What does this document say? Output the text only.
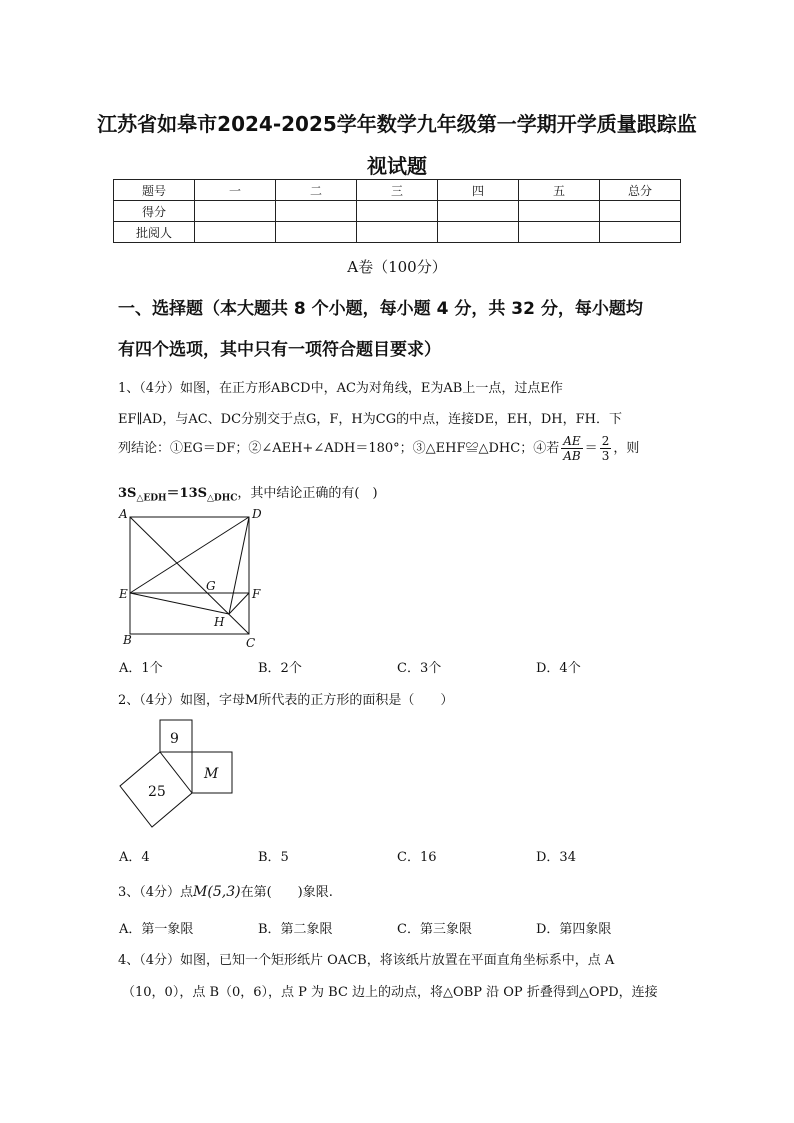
江苏省如皋市2024-2025学年数学九年级第一学期开学质量跟踪监
视试题
题号	一	二	三	四	五	总分
得分						
批阅人						
A卷（100分）
一、选择题（本大题共 8 个小题，每小题 4 分，共 32 分，每小题均
有四个选项，其中只有一项符合题目要求）
1、（4分）如图，在正方形ABCD中，AC为对角线，E为AB上一点，过点E作
EF∥AD，与AC、DC分别交于点G，F，H为CG的中点，连接DE，EH，DH，FH．下
列结论：①EG＝DF；②∠AEH+∠ADH＝180°；③△EHF≌△DHC；④若 $\frac{AE}{AB} = \frac{2}{3}$ ，则
$3S_{\triangle EDH}=13S_{\triangle DHC}$，其中结论正确的有(　)
A	D
E	F
G
H
B	C
A．1个	B．2个	C．3个	D．4个
2、（4分）如图，字母M所代表的正方形的面积是（　　）
9
M
25
A．4	B．5	C．16	D．34
3、（4分）点M(5,3)在第(　　)象限.
A．第一象限	B．第二象限	C．第三象限	D．第四象限
4、（4分）如图，已知一个矩形纸片 OACB，将该纸片放置在平面直角坐标系中，点 A
（10，0），点 B（0，6），点 P 为 BC 边上的动点，将△OBP 沿 OP 折叠得到△OPD，连接
